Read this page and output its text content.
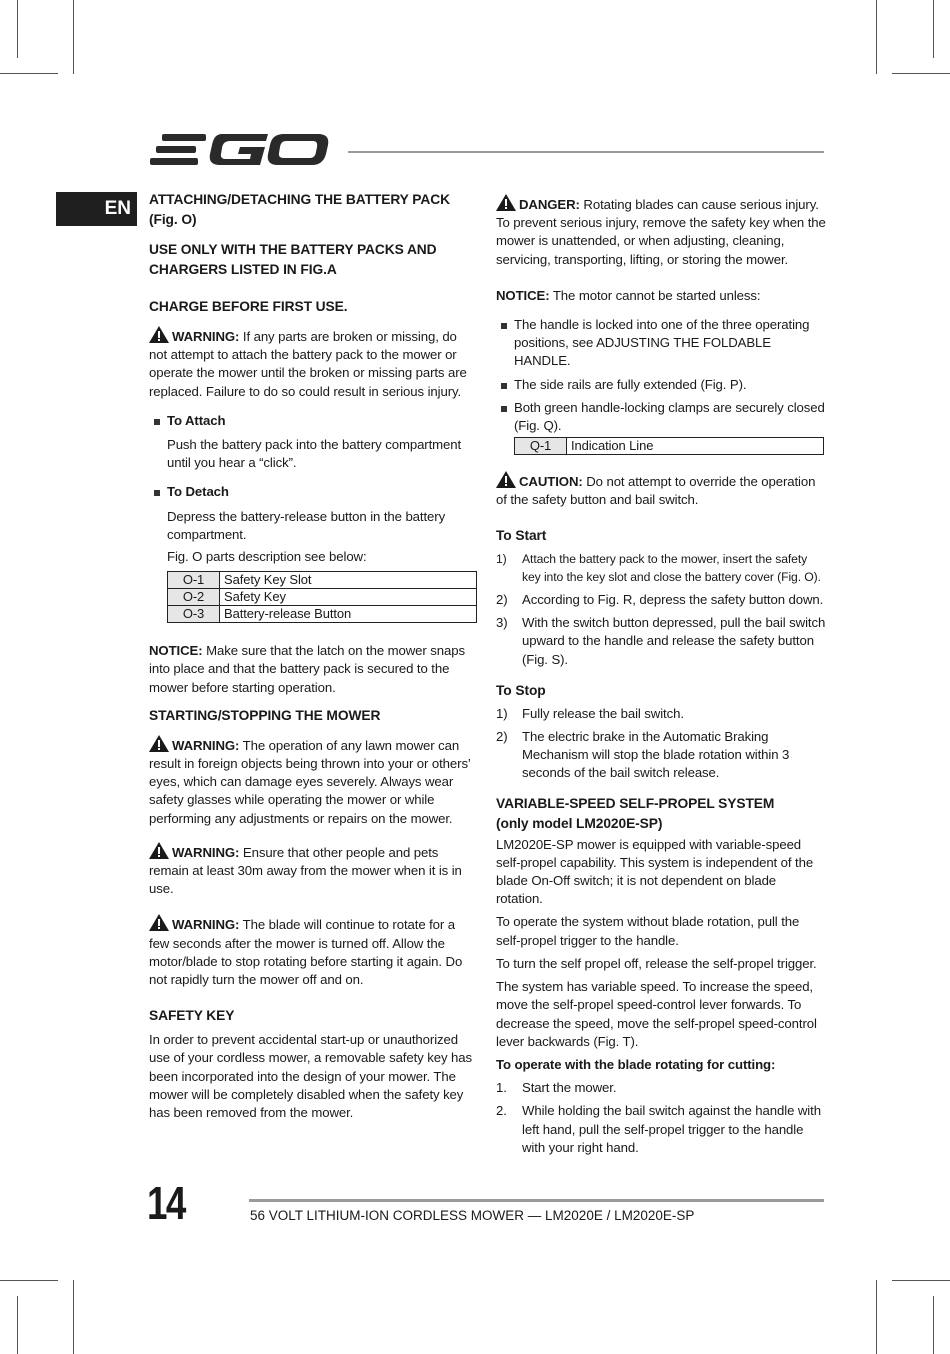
EN	ATTACHING/DETACHING THE BATTERY PACK (Fig. O)

USE ONLY WITH THE BATTERY PACKS AND CHARGERS LISTED IN FIG.A

CHARGE BEFORE FIRST USE.

WARNING: If any parts are broken or missing, do not attempt to attach the battery pack to the mower or operate the mower until the broken or missing parts are replaced. Failure to do so could result in serious injury.

To Attach

Push the battery pack into the battery compartment until you hear a “click”.

To Detach

Depress the battery-release button in the battery compartment.

Fig. O parts description see below:

O-1	Safety Key Slot
O-2	Safety Key
O-3	Battery-release Button

NOTICE: Make sure that the latch on the mower snaps into place and that the battery pack is secured to the mower before starting operation.

STARTING/STOPPING THE MOWER

WARNING: The operation of any lawn mower can result in foreign objects being thrown into your or others’ eyes, which can damage eyes severely. Always wear safety glasses while operating the mower or while performing any adjustments or repairs on the mower.

WARNING: Ensure that other people and pets remain at least 30m away from the mower when it is in use.

WARNING: The blade will continue to rotate for a few seconds after the mower is turned off. Allow the motor/blade to stop rotating before starting it again. Do not rapidly turn the mower off and on.

SAFETY KEY

In order to prevent accidental start-up or unauthorized use of your cordless mower, a removable safety key has been incorporated into the design of your mower. The mower will be completely disabled when the safety key has been removed from the mower.

DANGER: Rotating blades can cause serious injury. To prevent serious injury, remove the safety key when the mower is unattended, or when adjusting, cleaning, servicing, transporting, lifting, or storing the mower.

NOTICE: The motor cannot be started unless:

The handle is locked into one of the three operating positions, see ADJUSTING THE FOLDABLE HANDLE.

The side rails are fully extended (Fig. P).

Both green handle-locking clamps are securely closed (Fig. Q).

Q-1	Indication Line

CAUTION: Do not attempt to override the operation of the safety button and bail switch.

To Start

1) Attach the battery pack to the mower, insert the safety key into the key slot and close the battery cover (Fig. O).

2) According to Fig. R, depress the safety button down.

3) With the switch button depressed, pull the bail switch upward to the handle and release the safety button (Fig. S).

To Stop

1) Fully release the bail switch.

2) The electric brake in the Automatic Braking Mechanism will stop the blade rotation within 3 seconds of the bail switch release.

VARIABLE-SPEED SELF-PROPEL SYSTEM

(only model LM2020E-SP)

LM2020E-SP mower is equipped with variable-speed self-propel capability. This system is independent of the blade On-Off switch; it is not dependent on blade rotation.

To operate the system without blade rotation, pull the self-propel trigger to the handle.

To turn the self propel off, release the self-propel trigger.

The system has variable speed. To increase the speed, move the self-propel speed-control lever forwards. To decrease the speed, move the self-propel speed-control lever backwards (Fig. T).

To operate with the blade rotating for cutting:

1. Start the mower.

2. While holding the bail switch against the handle with left hand, pull the self-propel trigger to the handle with your right hand.

14	56 VOLT LITHIUM-ION CORDLESS MOWER — LM2020E / LM2020E-SP
